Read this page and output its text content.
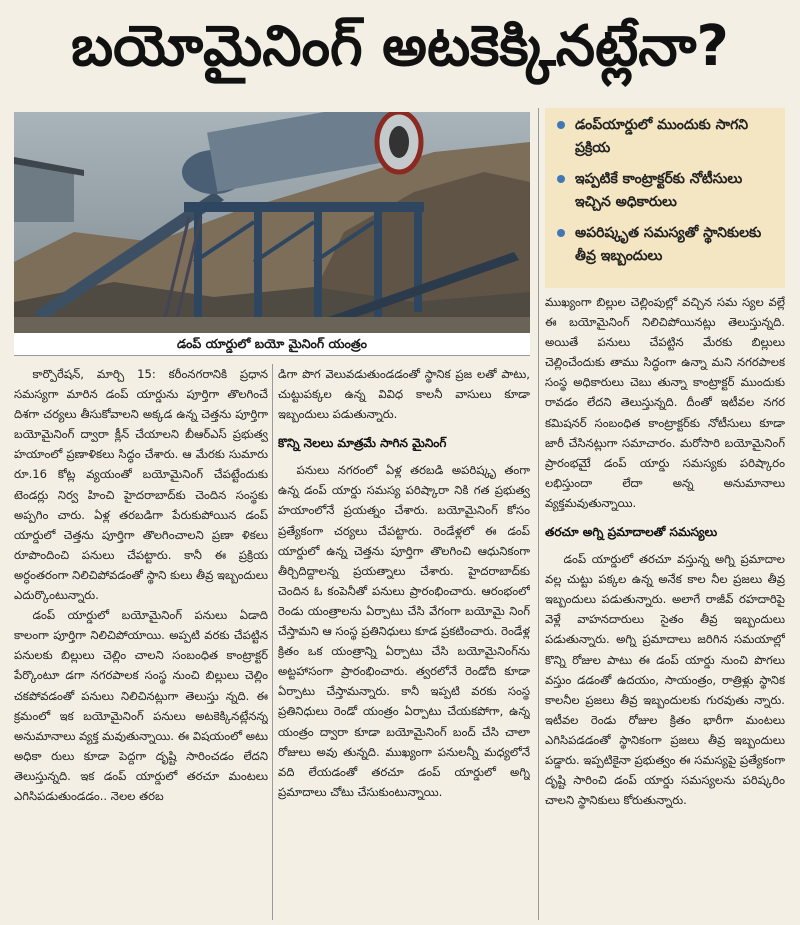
బయోమైనింగ్ అటకెక్కినట్లేనా?
డంప్ యార్డులో బయో మైనింగ్ యంత్రం
డంప్‌యార్డులో ముందుకు సాగని ప్రక్రియ
ఇప్పటికే కాంట్రాక్టర్‌కు నోటీసులు ఇచ్చిన అధికారులు
అపరిష్కృత సమస్యతో స్థానికులకు తీవ్ర ఇబ్బందులు

కార్పొరేషన్, మార్చి 15: కరీంనగరానికి ప్రధాన సమస్యగా మారిన డంప్ యార్డును పూర్తిగా తొలగించే దిశగా చర్యలు తీసుకోవాలని అక్కడ ఉన్న చెత్తను పూర్తిగా బయోమైనింగ్ ద్వారా క్లీన్ చేయాలని బీఆర్‌ఎస్ ప్రభుత్వ హయాంలో ప్రణాళికలు సిద్ధం చేశారు. ఆ మేరకు సుమారు రూ.16 కోట్ల వ్యయంతో బయోమైనింగ్ చేపట్టేందుకు టెండర్లు నిర్వ హించి హైదరాబాద్‌కు చెందిన సంస్థకు అప్పగిం చారు. ఏళ్ల తరబడిగా పేరుకుపోయిన డంప్ యార్డులో చెత్తను పూర్తిగా తొలగించాలని ప్రణా ళికలు రూపొందించి పనులు చేపట్టారు. కానీ ఈ ప్రక్రియ అర్ధంతరంగా నిలిచిపోవడంతో స్థాని కులు తీవ్ర ఇబ్బందులు ఎదుర్కొంటున్నారు.

డంప్ యార్డులో బయోమైనింగ్ పనులు ఏడాది కాలంగా పూర్తిగా నిలిచిపోయాయి. అప్పటి వరకు చేపట్టిన పనులకు బిల్లులు చెల్లిం చాలని సంబంధిత కాంట్రాక్టర్ పేర్కొంటూ డగా నగరపాలక సంస్థ నుంచి బిల్లులు చెల్లిం చకపోవడంతో పనులు నిలిచినట్లుగా తెలుస్తు న్నది. ఈ క్రమంలో ఇక బయోమైనింగ్ పనులు అటకెక్కినట్లేనన్న అనుమానాలు వ్యక్త మవుతున్నాయి. ఈ విషయంలో అటు అధికా రులు కూడా పెద్దగా దృష్టి సారించడం లేదని తెలుస్తున్నది. ఇక డంప్ యార్డులో తరచూ మంటలు ఎగిసిపడుతుండడం.. నెలల తరబ

డిగా పొగ వెలువడుతుండడంతో స్థానిక ప్రజ లతో పాటు, చుట్టుపక్కల ఉన్న వివిధ కాలనీ వాసులు కూడా ఇబ్బందులు పడుతున్నారు.

కొన్ని నెలలు మాత్రమే సాగిన మైనింగ్

పనులు నగరంలో ఏళ్ల తరబడి అపరిష్కృ తంగా ఉన్న డంప్ యార్డు సమస్య పరిష్కారా నికి గత ప్రభుత్వ హయాంలోనే ప్రయత్నం చేశారు. బయోమైనింగ్ కోసం ప్రత్యేకంగా చర్యలు చేపట్టారు. రెండేళ్లలో ఈ డంప్ యార్డులో ఉన్న చెత్తను పూర్తిగా తొలగించి ఆధునికంగా తీర్చిదిద్దాలన్న ప్రయత్నాలు చేశారు. హైదరాబాద్‌కు చెందిన ఓ కంపెనీతో పనులు ప్రారంభించారు. ఆరంభంలో రెండు యంత్రాలను ఏర్పాటు చేసి వేగంగా బయోమై నింగ్ చేస్తామని ఆ సంస్థ ప్రతినిధులు కూడ ప్రకటించారు. రెండేళ్ల క్రితం ఒక యంత్రాన్ని ఏర్పాటు చేసి బయోమైనింగ్‌ను అట్టహాసంగా ప్రారంభించారు. త్వరలోనే రెండోది కూడా ఏర్పాటు చేస్తామన్నారు. కానీ ఇప్పటి వరకు సంస్థ ప్రతినిధులు రెండో యంత్రం ఏర్పాటు చేయకపోగా, ఉన్న యంత్రం ద్వారా కూడా బయోమైనింగ్ బంద్ చేసి చాలా రోజులు అవు తున్నది. ముఖ్యంగా పనులన్నీ మధ్యలోనే వది లేయడంతో తరచూ డంప్ యార్డులో అగ్ని ప్రమాదాలు చోటు చేసుకుంటున్నాయి.

ముఖ్యంగా బిల్లుల చెల్లింపుల్లో వచ్చిన సమ స్యల వల్లే ఈ బయోమైనింగ్ నిలిచిపోయినట్లు తెలుస్తున్నది. అయితే పనులు చేపట్టిన మేరకు బిల్లులు చెల్లించేందుకు తాము సిద్ధంగా ఉన్నా మని నగరపాలక సంస్థ అధికారులు చెబు తున్నా కాంట్రాక్టర్ ముందుకు రావడం లేదని తెలుస్తున్నది. దీంతో ఇటీవల నగర కమిషనర్ సంబంధిత కాంట్రాక్టర్‌కు నోటీసులు కూడా జారీ చేసినట్లుగా సమాచారం. మరోసారి బయోమైనింగ్ ప్రారంభమైే డంప్ యార్డు సమస్యకు పరిష్కారం లభిస్తుందా లేదా అన్న అనుమానాలు వ్యక్తమవుతున్నాయి.

తరచూ అగ్ని ప్రమాదాలతో సమస్యలు

డంప్ యార్డులో తరచూ వస్తున్న అగ్ని ప్రమాదాల వల్ల చుట్టు పక్కల ఉన్న అనేక కాల నీల ప్రజలు తీవ్ర ఇబ్బందులు పడుతున్నారు. అలాగే రాజీవ్ రహదారిపై వెళ్లే వాహనదారులు సైతం తీవ్ర ఇబ్బందులు పడుతున్నారు. అగ్ని ప్రమాదాలు జరిగిన సమయాల్లో కొన్ని రోజుల పాటు ఈ డంప్ యార్డు నుంచి పొగలు వస్తుం డడంతో ఉదయం, సాయంత్రం, రాత్రిళ్లు స్థానిక కాలనీల ప్రజలు తీవ్ర ఇబ్బందులకు గురవుతు న్నారు. ఇటీవల రెండు రోజుల క్రితం భారీగా మంటలు ఎగిసిపడడంతో స్థానికంగా ప్రజలు తీవ్ర ఇబ్బందులు పడ్డారు. ఇప్పటికైనా ప్రభుత్వం ఈ సమస్యపై ప్రత్యేకంగా దృష్టి సారించి డంప్ యార్డు సమస్యలను పరిష్కరిం చాలని స్థానికులు కోరుతున్నారు.
